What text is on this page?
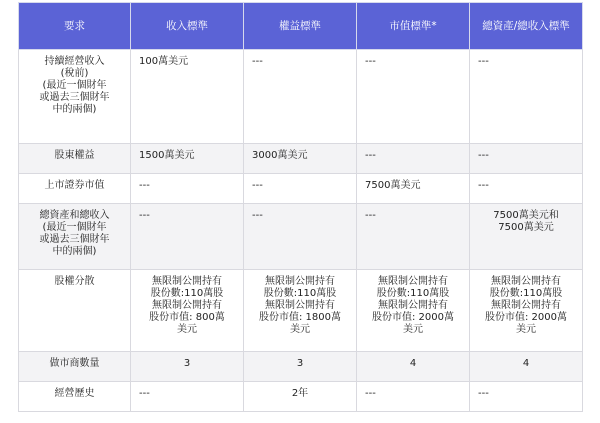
要求	收入標準	權益標準	市值標準*	總資產/總收入標準
持續經營收入
(稅前)
(最近一個財年
或過去三個財年
中的兩個)	100萬美元	---	---	---
股東權益	1500萬美元	3000萬美元	---	---
上市證券市值	---	---	7500萬美元	---
總資產和總收入
(最近一個財年
或過去三個財年
中的兩個)	---	---	---	7500萬美元和
7500萬美元
股權分散	無限制公開持有
股份數:110萬股
無限制公開持有
股份市值: 800萬
美元	無限制公開持有
股份數:110萬股
無限制公開持有
股份市值: 1800萬
美元	無限制公開持有
股份數:110萬股
無限制公開持有
股份市值: 2000萬
美元	無限制公開持有
股份數:110萬股
無限制公開持有
股份市值: 2000萬
美元
做市商數量	3	3	4	4
經營歷史	---	2年	---	---
